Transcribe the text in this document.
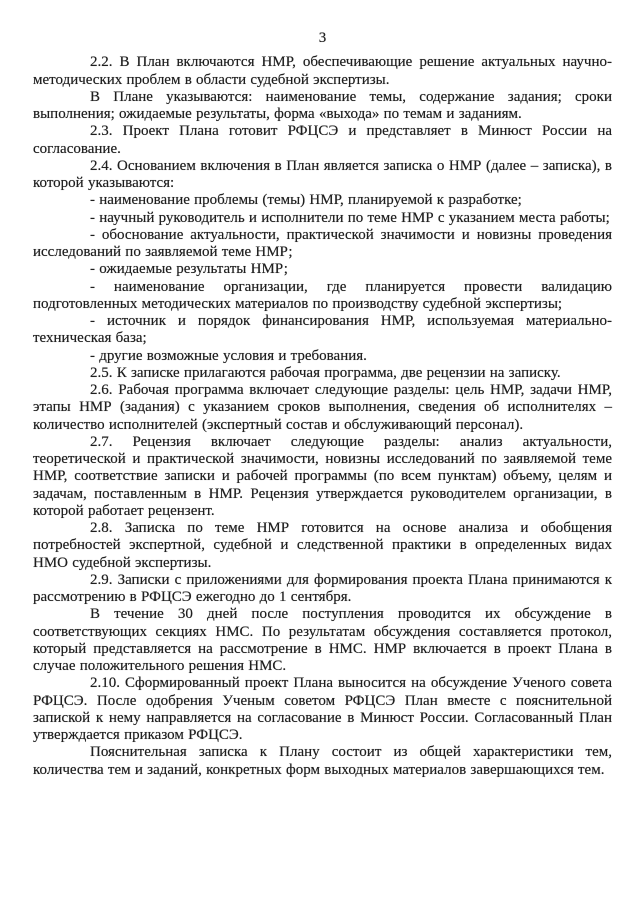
3

2.2. В План включаются НМР, обеспечивающие решение актуальных научно-методических проблем в области судебной экспертизы.

В Плане указываются: наименование темы, содержание задания; сроки выполнения; ожидаемые результаты, форма «выхода» по темам и заданиям.

2.3. Проект Плана готовит РФЦСЭ и представляет в Минюст России на согласование.

2.4. Основанием включения в План является записка о НМР (далее – записка), в которой указываются:

- наименование проблемы (темы) НМР, планируемой к разработке;

- научный руководитель и исполнители по теме НМР с указанием места работы;

- обоснование актуальности, практической значимости и новизны проведения исследований по заявляемой теме НМР;

- ожидаемые результаты НМР;

- наименование организации, где планируется провести валидацию подготовленных методических материалов по производству судебной экспертизы;

- источник и порядок финансирования НМР, используемая материально-техническая база;

- другие возможные условия и требования.

2.5. К записке прилагаются рабочая программа, две рецензии на записку.

2.6. Рабочая программа включает следующие разделы: цель НМР, задачи НМР, этапы НМР (задания) с указанием сроков выполнения, сведения об исполнителях – количество исполнителей (экспертный состав и обслуживающий персонал).

2.7. Рецензия включает следующие разделы: анализ актуальности, теоретической и практической значимости, новизны исследований по заявляемой теме НМР, соответствие записки и рабочей программы (по всем пунктам) объему, целям и задачам, поставленным в НМР. Рецензия утверждается руководителем организации, в которой работает рецензент.

2.8. Записка по теме НМР готовится на основе анализа и обобщения потребностей экспертной, судебной и следственной практики в определенных видах НМО судебной экспертизы.

2.9. Записки с приложениями для формирования проекта Плана принимаются к рассмотрению в РФЦСЭ ежегодно до 1 сентября.

В течение 30 дней после поступления проводится их обсуждение в соответствующих секциях НМС. По результатам обсуждения составляется протокол, который представляется на рассмотрение в НМС. НМР включается в проект Плана в случае положительного решения НМС.

2.10. Сформированный проект Плана выносится на обсуждение Ученого совета РФЦСЭ. После одобрения Ученым советом РФЦСЭ План вместе с пояснительной запиской к нему направляется на согласование в Минюст России. Согласованный План утверждается приказом РФЦСЭ.

Пояснительная записка к Плану состоит из общей характеристики тем, количества тем и заданий, конкретных форм выходных материалов завершающихся тем.
